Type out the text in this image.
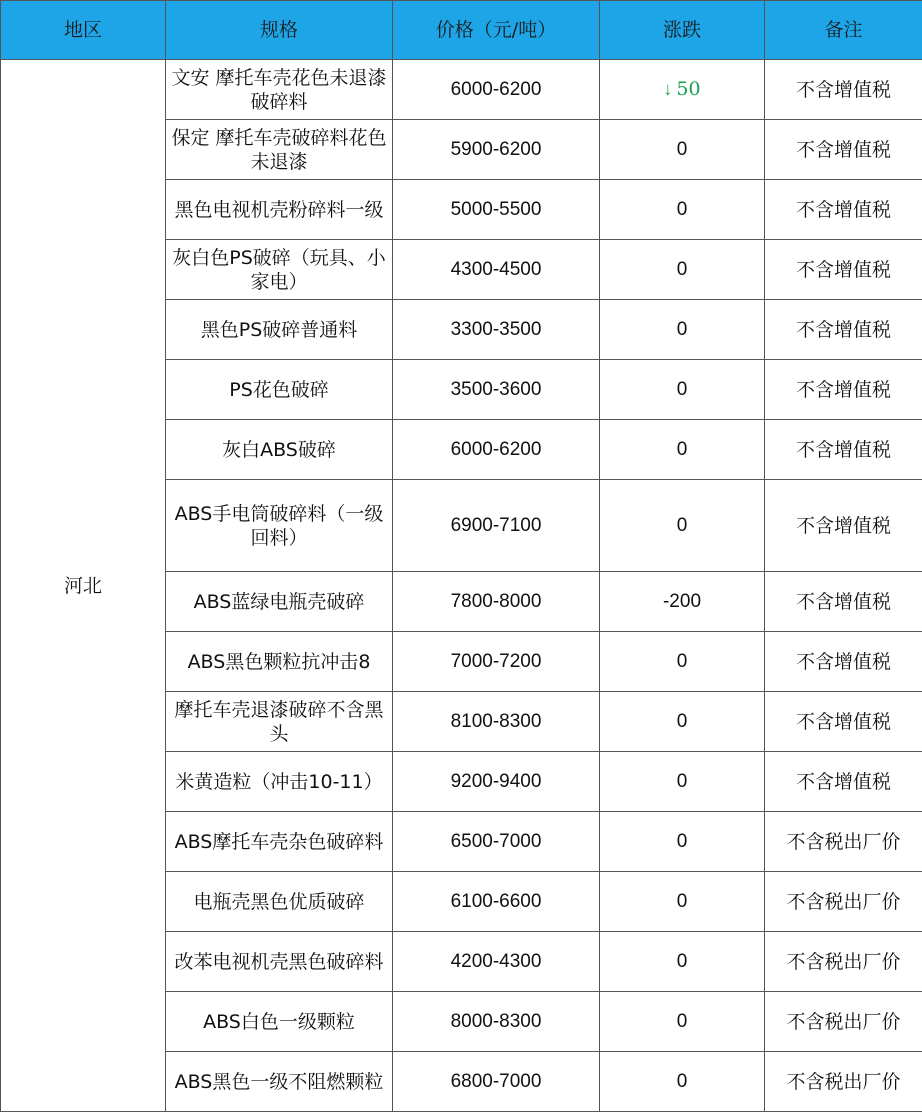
地区	规格	价格（元/吨）	涨跌	备注
河北	文安 摩托车壳花色未退漆破碎料	6000-6200	↓ 50	不含增值税
	保定 摩托车壳破碎料花色未退漆	5900-6200	0	不含增值税
	黑色电视机壳粉碎料一级	5000-5500	0	不含增值税
	灰白色PS破碎（玩具、小家电）	4300-4500	0	不含增值税
	黑色PS破碎普通料	3300-3500	0	不含增值税
	PS花色破碎	3500-3600	0	不含增值税
	灰白ABS破碎	6000-6200	0	不含增值税
	ABS手电筒破碎料（一级回料）	6900-7100	0	不含增值税
	ABS蓝绿电瓶壳破碎	7800-8000	-200	不含增值税
	ABS黑色颗粒抗冲击8	7000-7200	0	不含增值税
	摩托车壳退漆破碎不含黑头	8100-8300	0	不含增值税
	米黄造粒（冲击10-11）	9200-9400	0	不含增值税
	ABS摩托车壳杂色破碎料	6500-7000	0	不含税出厂价
	电瓶壳黑色优质破碎	6100-6600	0	不含税出厂价
	改苯电视机壳黑色破碎料	4200-4300	0	不含税出厂价
	ABS白色一级颗粒	8000-8300	0	不含税出厂价
	ABS黑色一级不阻燃颗粒	6800-7000	0	不含税出厂价
